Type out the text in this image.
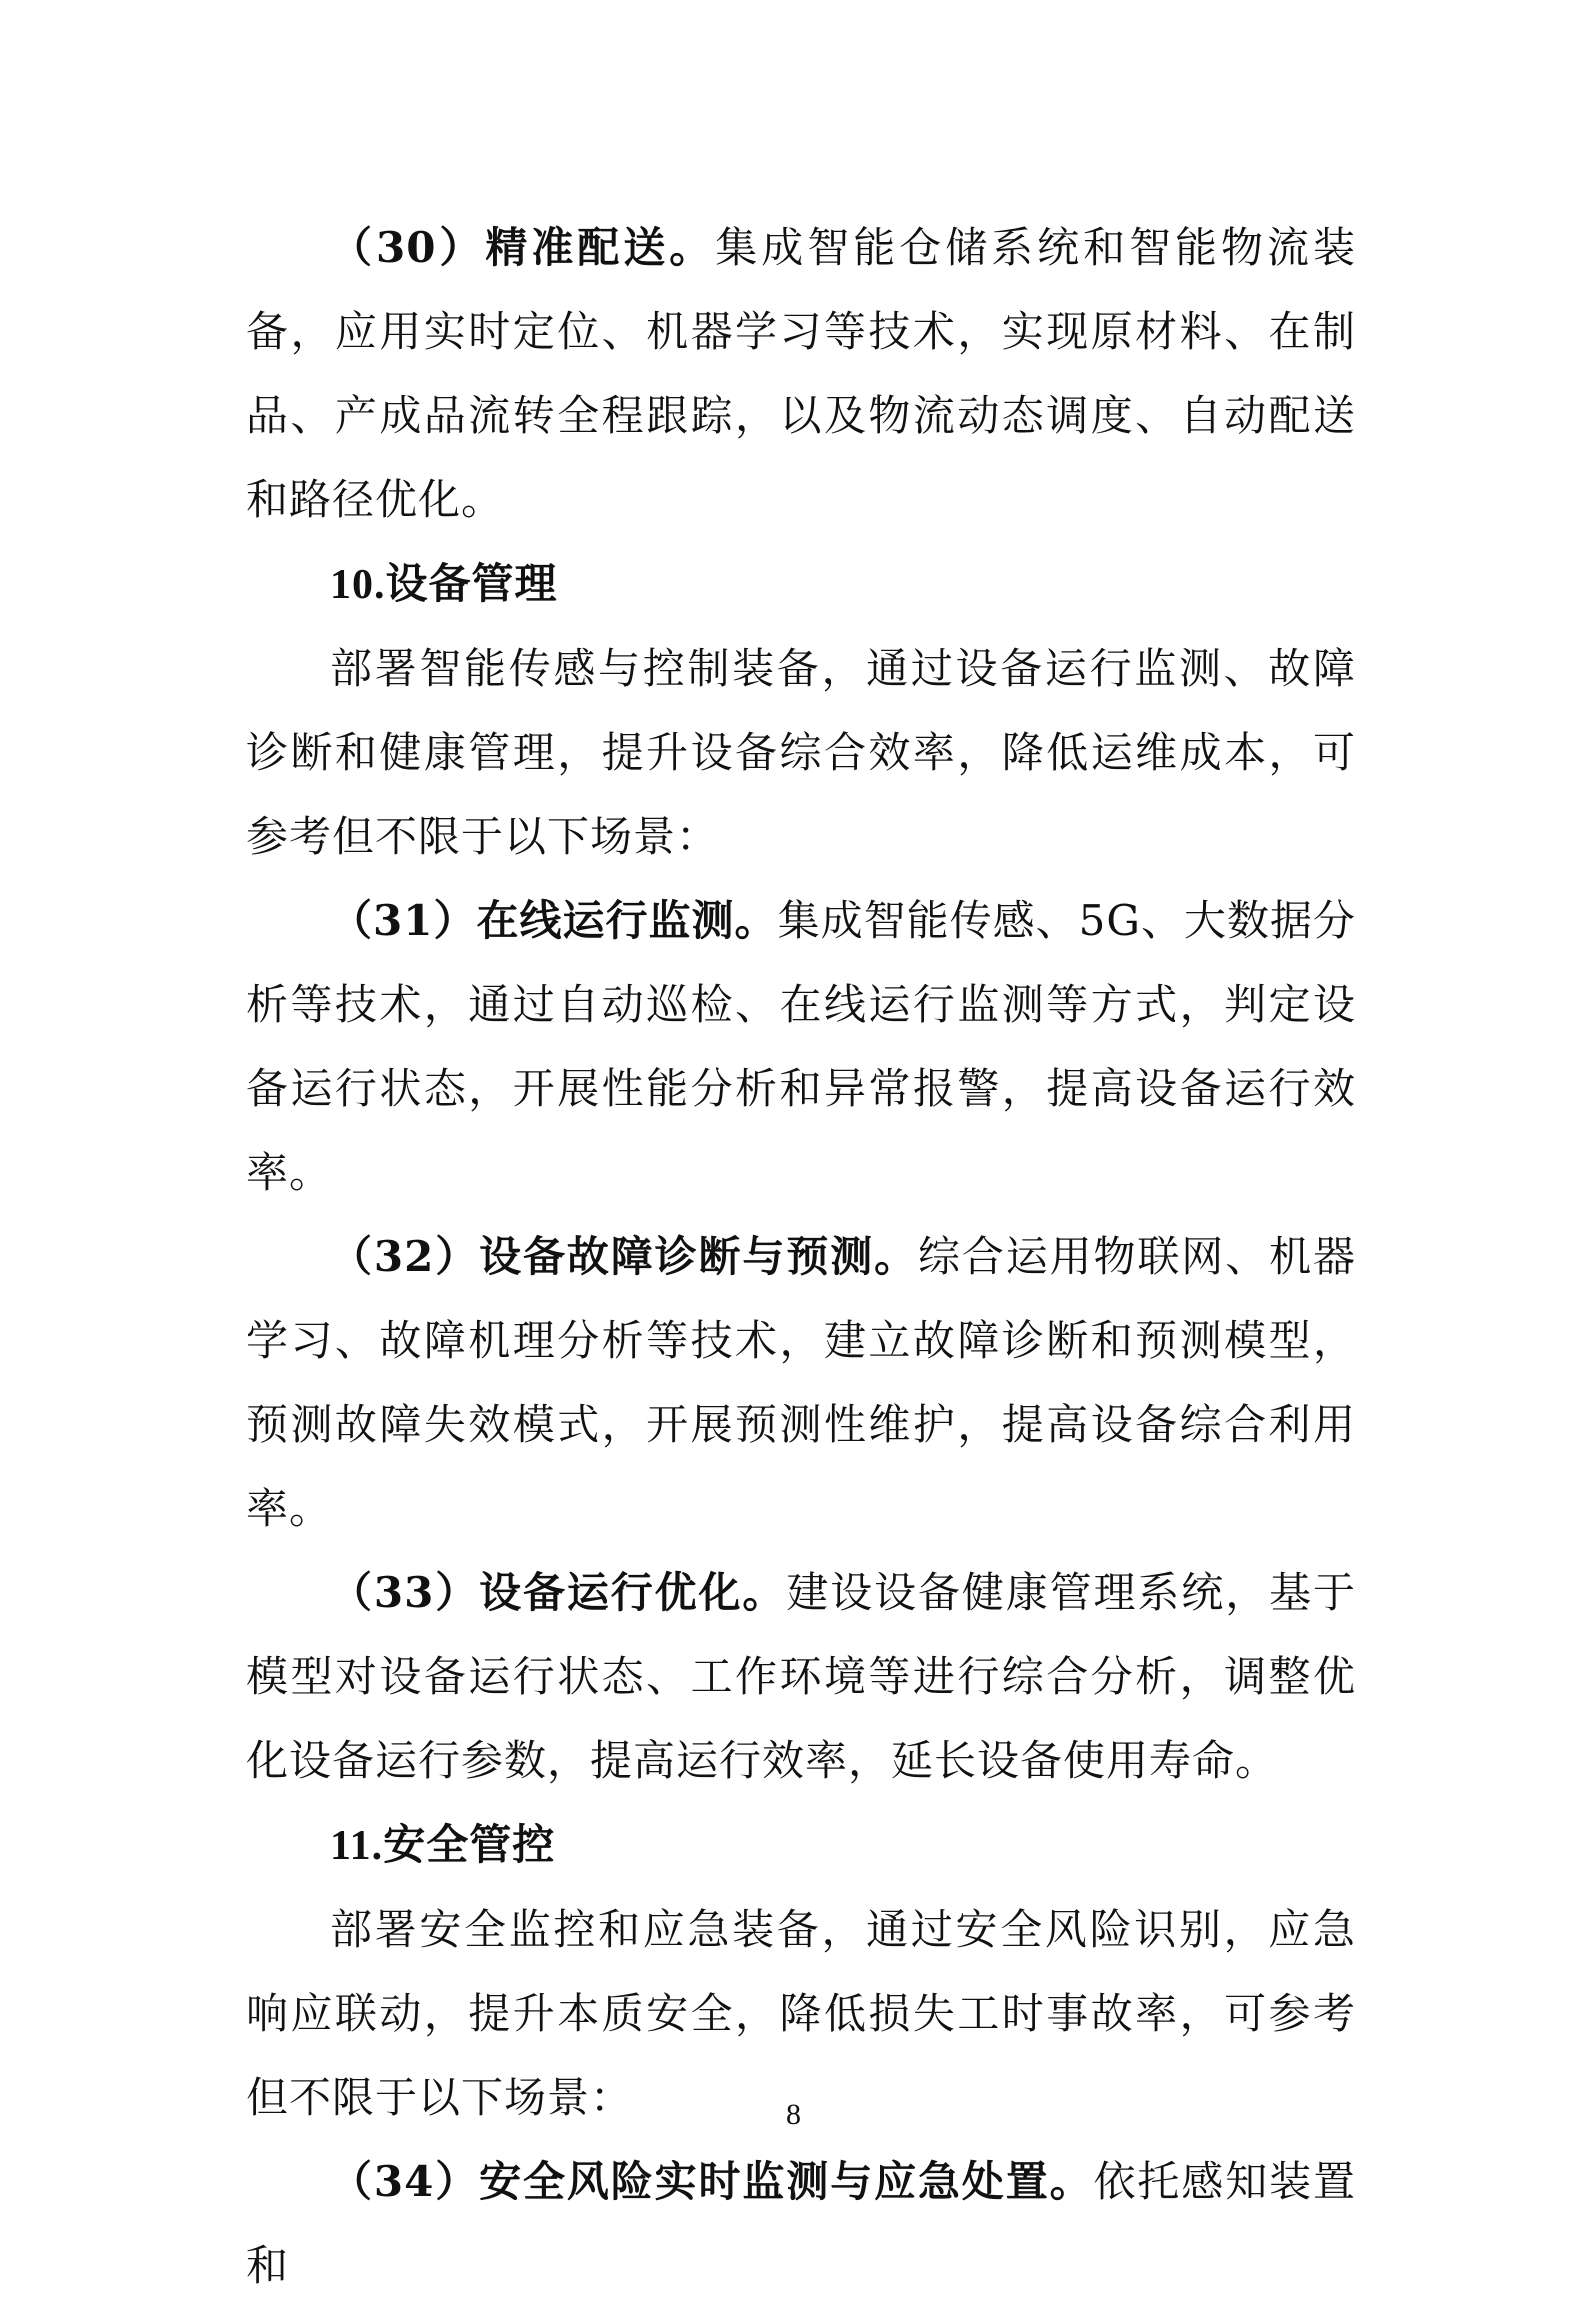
（30）精准配送。集成智能仓储系统和智能物流装备，应用实时定位、机器学习等技术，实现原材料、在制品、产成品流转全程跟踪，以及物流动态调度、自动配送和路径优化。

10.设备管理

部署智能传感与控制装备，通过设备运行监测、故障诊断和健康管理，提升设备综合效率，降低运维成本，可参考但不限于以下场景：

（31）在线运行监测。集成智能传感、5G、大数据分析等技术，通过自动巡检、在线运行监测等方式，判定设备运行状态，开展性能分析和异常报警，提高设备运行效率。

（32）设备故障诊断与预测。综合运用物联网、机器学习、故障机理分析等技术，建立故障诊断和预测模型，预测故障失效模式，开展预测性维护，提高设备综合利用率。

（33）设备运行优化。建设设备健康管理系统，基于模型对设备运行状态、工作环境等进行综合分析，调整优化设备运行参数，提高运行效率，延长设备使用寿命。

11.安全管控

部署安全监控和应急装备，通过安全风险识别，应急响应联动，提升本质安全，降低损失工时事故率，可参考但不限于以下场景：

（34）安全风险实时监测与应急处置。依托感知装置和

8
